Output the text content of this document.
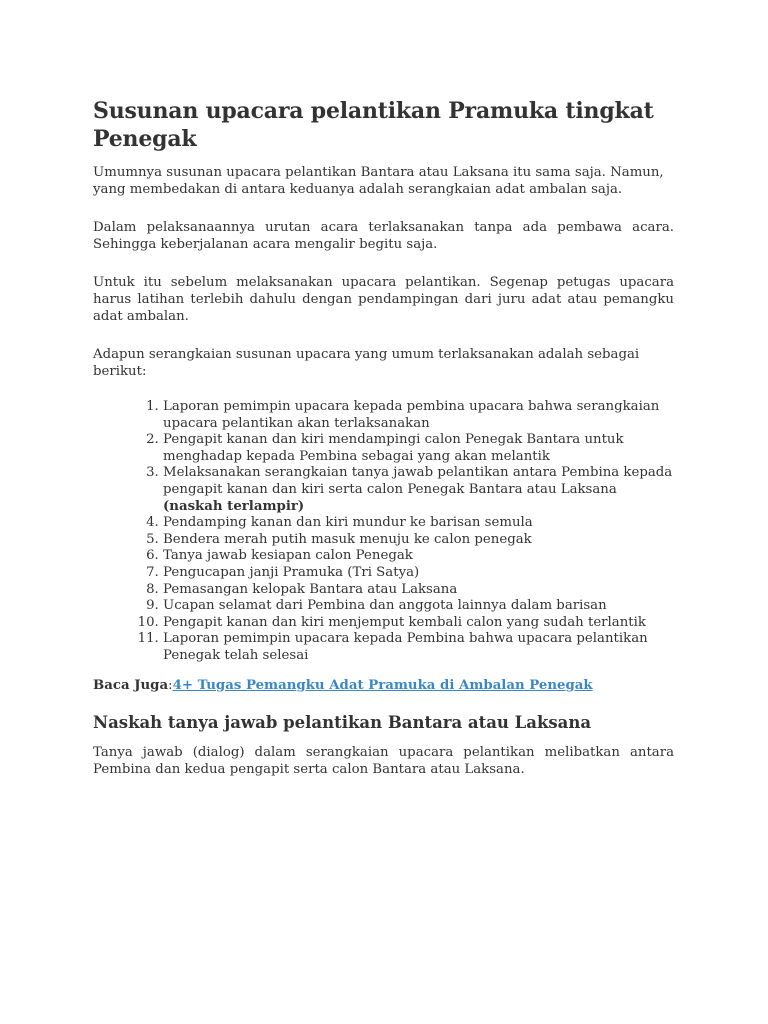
Susunan upacara pelantikan Pramuka tingkat Penegak

Umumnya susunan upacara pelantikan Bantara atau Laksana itu sama saja. Namun, yang membedakan di antara keduanya adalah serangkaian adat ambalan saja.

Dalam pelaksanaannya urutan acara terlaksanakan tanpa ada pembawa acara. Sehingga keberjalanan acara mengalir begitu saja.

Untuk itu sebelum melaksanakan upacara pelantikan. Segenap petugas upacara harus latihan terlebih dahulu dengan pendampingan dari juru adat atau pemangku adat ambalan.

Adapun serangkaian susunan upacara yang umum terlaksanakan adalah sebagai berikut:

1. Laporan pemimpin upacara kepada pembina upacara bahwa serangkaian upacara pelantikan akan terlaksanakan
2. Pengapit kanan dan kiri mendampingi calon Penegak Bantara untuk menghadap kepada Pembina sebagai yang akan melantik
3. Melaksanakan serangkaian tanya jawab pelantikan antara Pembina kepada pengapit kanan dan kiri serta calon Penegak Bantara atau Laksana (naskah terlampir)
4. Pendamping kanan dan kiri mundur ke barisan semula
5. Bendera merah putih masuk menuju ke calon penegak
6. Tanya jawab kesiapan calon Penegak
7. Pengucapan janji Pramuka (Tri Satya)
8. Pemasangan kelopak Bantara atau Laksana
9. Ucapan selamat dari Pembina dan anggota lainnya dalam barisan
10. Pengapit kanan dan kiri menjemput kembali calon yang sudah terlantik
11. Laporan pemimpin upacara kepada Pembina bahwa upacara pelantikan Penegak telah selesai

Baca Juga:4+ Tugas Pemangku Adat Pramuka di Ambalan Penegak

Naskah tanya jawab pelantikan Bantara atau Laksana

Tanya jawab (dialog) dalam serangkaian upacara pelantikan melibatkan antara Pembina dan kedua pengapit serta calon Bantara atau Laksana.
